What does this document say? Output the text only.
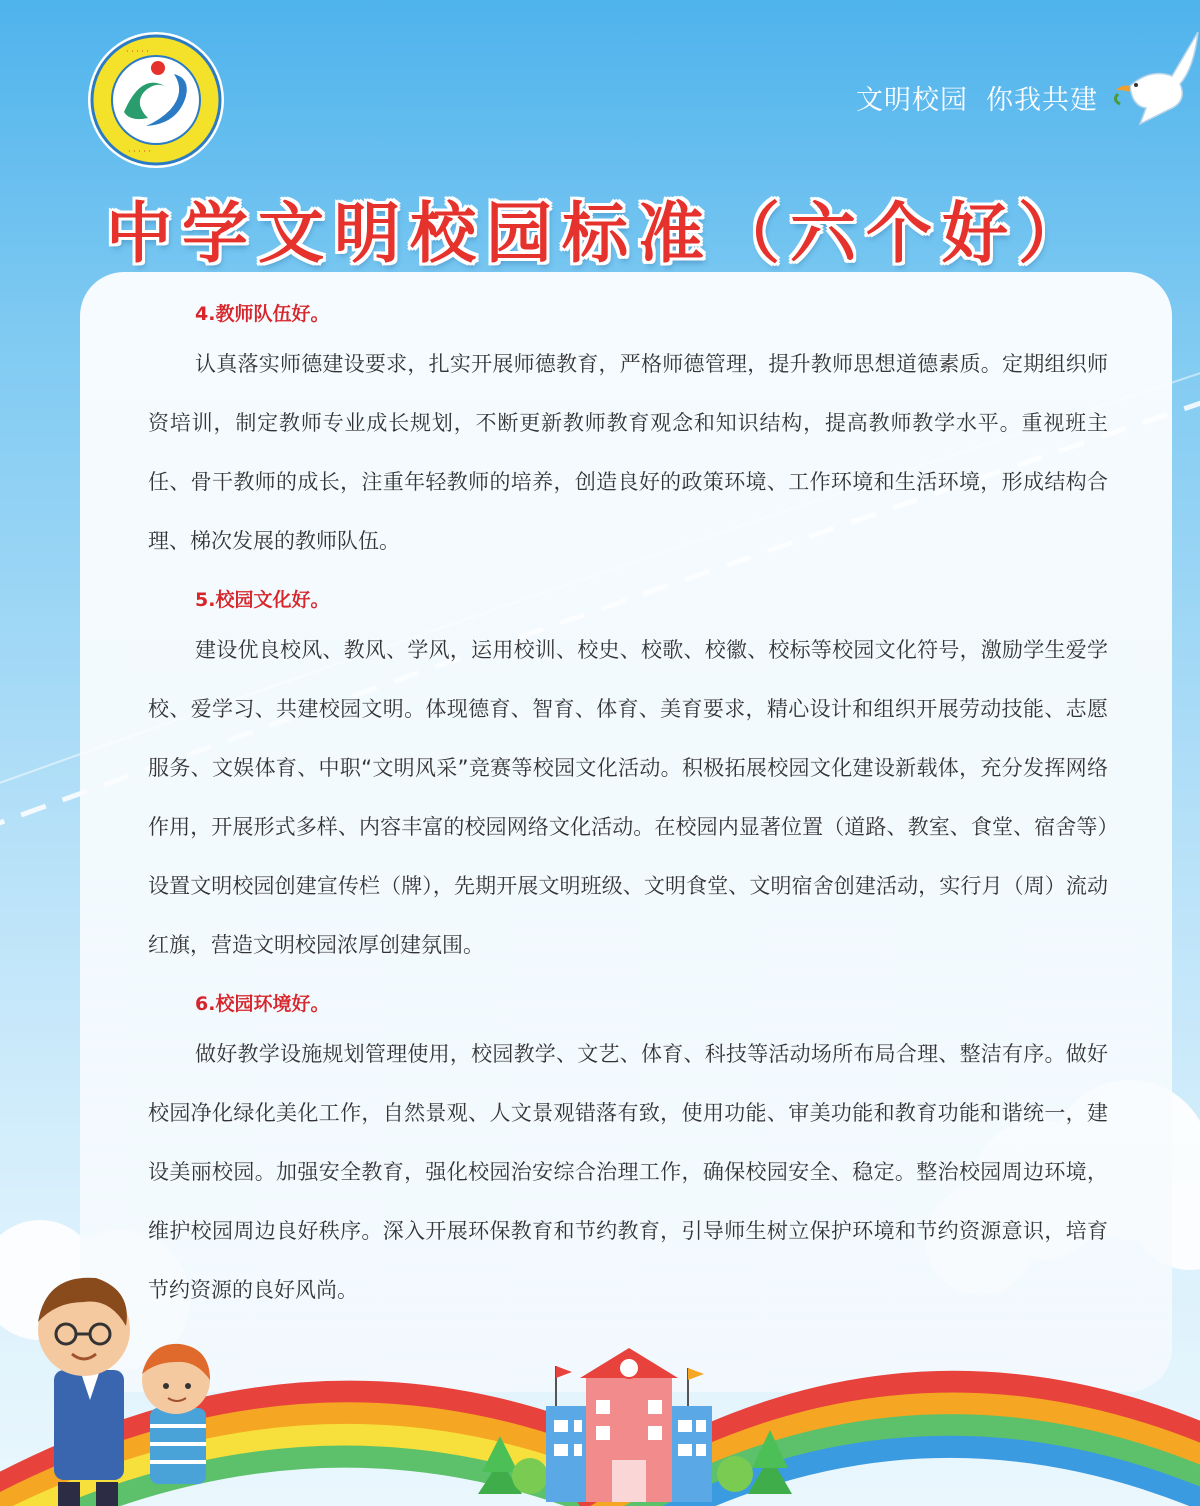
· · · · ·
· · · · ·
文明校园 你我共建
中学文明校园标准（六个好）
4.教师队伍好。

认真落实师德建设要求，扎实开展师德教育，严格师德管理，提升教师思想道德素质。定期组织师资培训，制定教师专业成长规划，不断更新教师教育观念和知识结构，提高教师教学水平。重视班主任、骨干教师的成长，注重年轻教师的培养，创造良好的政策环境、工作环境和生活环境，形成结构合理、梯次发展的教师队伍。

5.校园文化好。

建设优良校风、教风、学风，运用校训、校史、校歌、校徽、校标等校园文化符号，激励学生爱学校、爱学习、共建校园文明。体现德育、智育、体育、美育要求，精心设计和组织开展劳动技能、志愿服务、文娱体育、中职“文明风采”竞赛等校园文化活动。积极拓展校园文化建设新载体，充分发挥网络作用，开展形式多样、内容丰富的校园网络文化活动。在校园内显著位置（道路、教室、食堂、宿舍等）设置文明校园创建宣传栏（牌），先期开展文明班级、文明食堂、文明宿舍创建活动，实行月（周）流动红旗，营造文明校园浓厚创建氛围。

6.校园环境好。

做好教学设施规划管理使用，校园教学、文艺、体育、科技等活动场所布局合理、整洁有序。做好校园净化绿化美化工作，自然景观、人文景观错落有致，使用功能、审美功能和教育功能和谐统一，建设美丽校园。加强安全教育，强化校园治安综合治理工作，确保校园安全、稳定。整治校园周边环境，维护校园周边良好秩序。深入开展环保教育和节约教育，引导师生树立保护环境和节约资源意识，培育节约资源的良好风尚。
